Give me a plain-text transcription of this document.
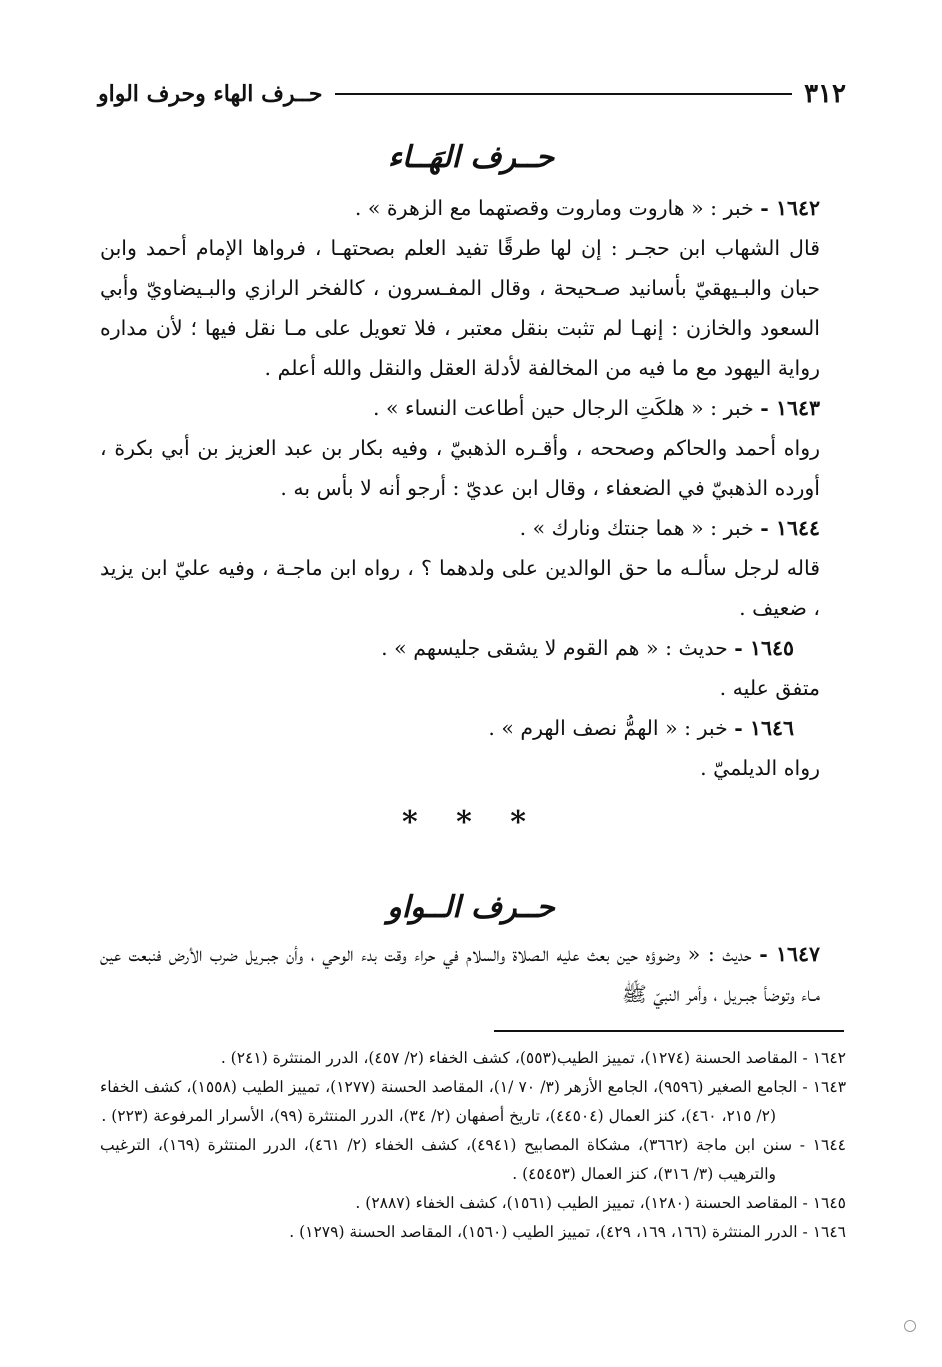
٣١٢
حــرف الهاء وحرف الواو
حــرف الهَــاء

١٦٤٢ - خبر : « هاروت وماروت وقصتهما مع الزهرة » .

قال الشهاب ابن حجـر : إن لها طرقًا تفيد العلم بصحتهـا ، فرواها الإمام أحمد وابن حبان والبـيهقيّ بأسانيد صـحيحة ، وقال المفـسرون ، كالفخر الرازي والبـيضاويّ وأبي السعود والخازن : إنهـا لم تثبت بنقل معتبر ، فلا تعويل على مـا نقل فيها ؛ لأن مداره رواية اليهود مع ما فيه من المخالفة لأدلة العقل والنقل والله أعلم .

١٦٤٣ - خبر : « هلكَتِ الرجال حين أطاعت النساء » .

رواه أحمد والحاكم وصححه ، وأقـره الذهبيّ ، وفيه بكار بن عبد العزيز بن أبي بكرة ، أورده الذهبيّ في الضعفاء ، وقال ابن عديّ : أرجو أنه لا بأس به .

١٦٤٤ - خبر : « هما جنتك ونارك » .

قاله لرجل سألـه ما حق الوالدين على ولدهما ؟ ، رواه ابن ماجـة ، وفيه عليّ ابن يزيد ، ضعيف .

١٦٤٥ - حديث : « هم القوم لا يشقى جليسهم » .

متفق عليه .

١٦٤٦ - خبر : « الهمُّ نصف الهرم » .

رواه الديلميّ .

* * *
حــرف الــواو

١٦٤٧ - حديث : « وضوؤه حين بعث عليه الـصلاة والسلام في حراء وقت بدء الوحي ، وأن جبـريل ضرب الأرض فنبعت عين مـاء وتوضأ جبـريل ، وأمر النبيّ ﷺ

١٦٤٢ - المقاصد الحسنة (١٢٧٤)، تمييز الطيب(٥٥٣)، كشف الخفاء (٢/ ٤٥٧)، الدرر المنتثرة (٢٤١) .

١٦٤٣ - الجامع الصغير (٩٥٩٦)، الجامع الأزهر (٣/ ٧٠ /١)، المقاصد الحسنة (١٢٧٧)، تمييز الطيب (١٥٥٨)، كشف الخفاء (٢/ ٢١٥، ٤٦٠)، كنز العمال (٤٤٥٠٤)، تاريخ أصفهان (٢/ ٣٤)، الدرر المنتثرة (٩٩)، الأسرار المرفوعة (٢٢٣) .

١٦٤٤ - سنن ابن ماجة (٣٦٦٢)، مشكاة المصابيح (٤٩٤١)، كشف الخفاء (٢/ ٤٦١)، الدرر المنتثرة (١٦٩)، الترغيب والترهيب (٣/ ٣١٦)، كنز العمال (٤٥٤٥٣) .

١٦٤٥ - المقاصد الحسنة (١٢٨٠)، تمييز الطيب (١٥٦١)، كشف الخفاء (٢٨٨٧) .

١٦٤٦ - الدرر المنتثرة (١٦٦، ١٦٩، ٤٢٩)، تمييز الطيب (١٥٦٠)، المقاصد الحسنة (١٢٧٩) .
